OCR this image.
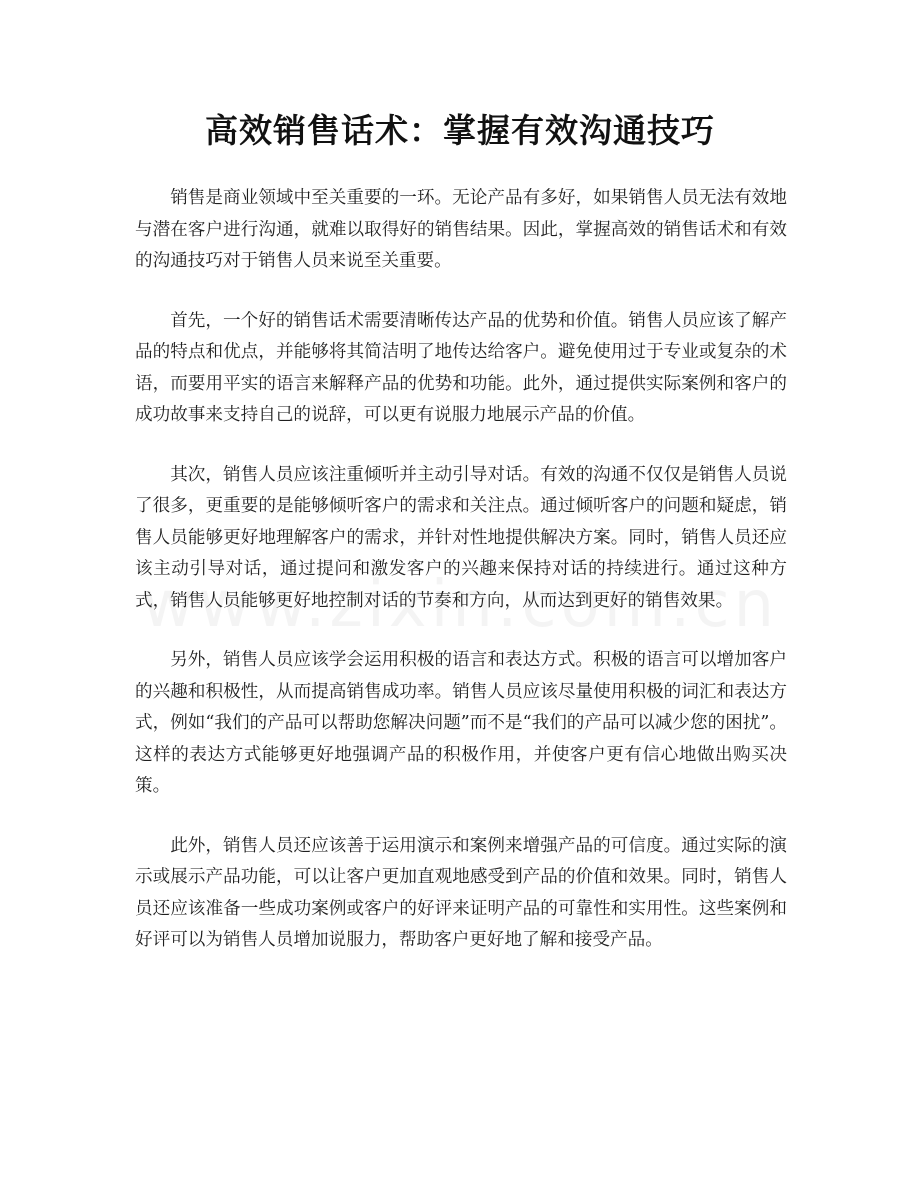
高效销售话术：掌握有效沟通技巧

销售是商业领域中至关重要的一环。无论产品有多好，如果销售人员无法有效地与潜在客户进行沟通，就难以取得好的销售结果。因此，掌握高效的销售话术和有效的沟通技巧对于销售人员来说至关重要。

首先，一个好的销售话术需要清晰传达产品的优势和价值。销售人员应该了解产品的特点和优点，并能够将其简洁明了地传达给客户。避免使用过于专业或复杂的术语，而要用平实的语言来解释产品的优势和功能。此外，通过提供实际案例和客户的成功故事来支持自己的说辞，可以更有说服力地展示产品的价值。

其次，销售人员应该注重倾听并主动引导对话。有效的沟通不仅仅是销售人员说了很多，更重要的是能够倾听客户的需求和关注点。通过倾听客户的问题和疑虑，销售人员能够更好地理解客户的需求，并针对性地提供解决方案。同时，销售人员还应该主动引导对话，通过提问和激发客户的兴趣来保持对话的持续进行。通过这种方式，销售人员能够更好地控制对话的节奏和方向，从而达到更好的销售效果。

另外，销售人员应该学会运用积极的语言和表达方式。积极的语言可以增加客户的兴趣和积极性，从而提高销售成功率。销售人员应该尽量使用积极的词汇和表达方式，例如“我们的产品可以帮助您解决问题”而不是“我们的产品可以减少您的困扰”。这样的表达方式能够更好地强调产品的积极作用，并使客户更有信心地做出购买决策。

此外，销售人员还应该善于运用演示和案例来增强产品的可信度。通过实际的演示或展示产品功能，可以让客户更加直观地感受到产品的价值和效果。同时，销售人员还应该准备一些成功案例或客户的好评来证明产品的可靠性和实用性。这些案例和好评可以为销售人员增加说服力，帮助客户更好地了解和接受产品。
